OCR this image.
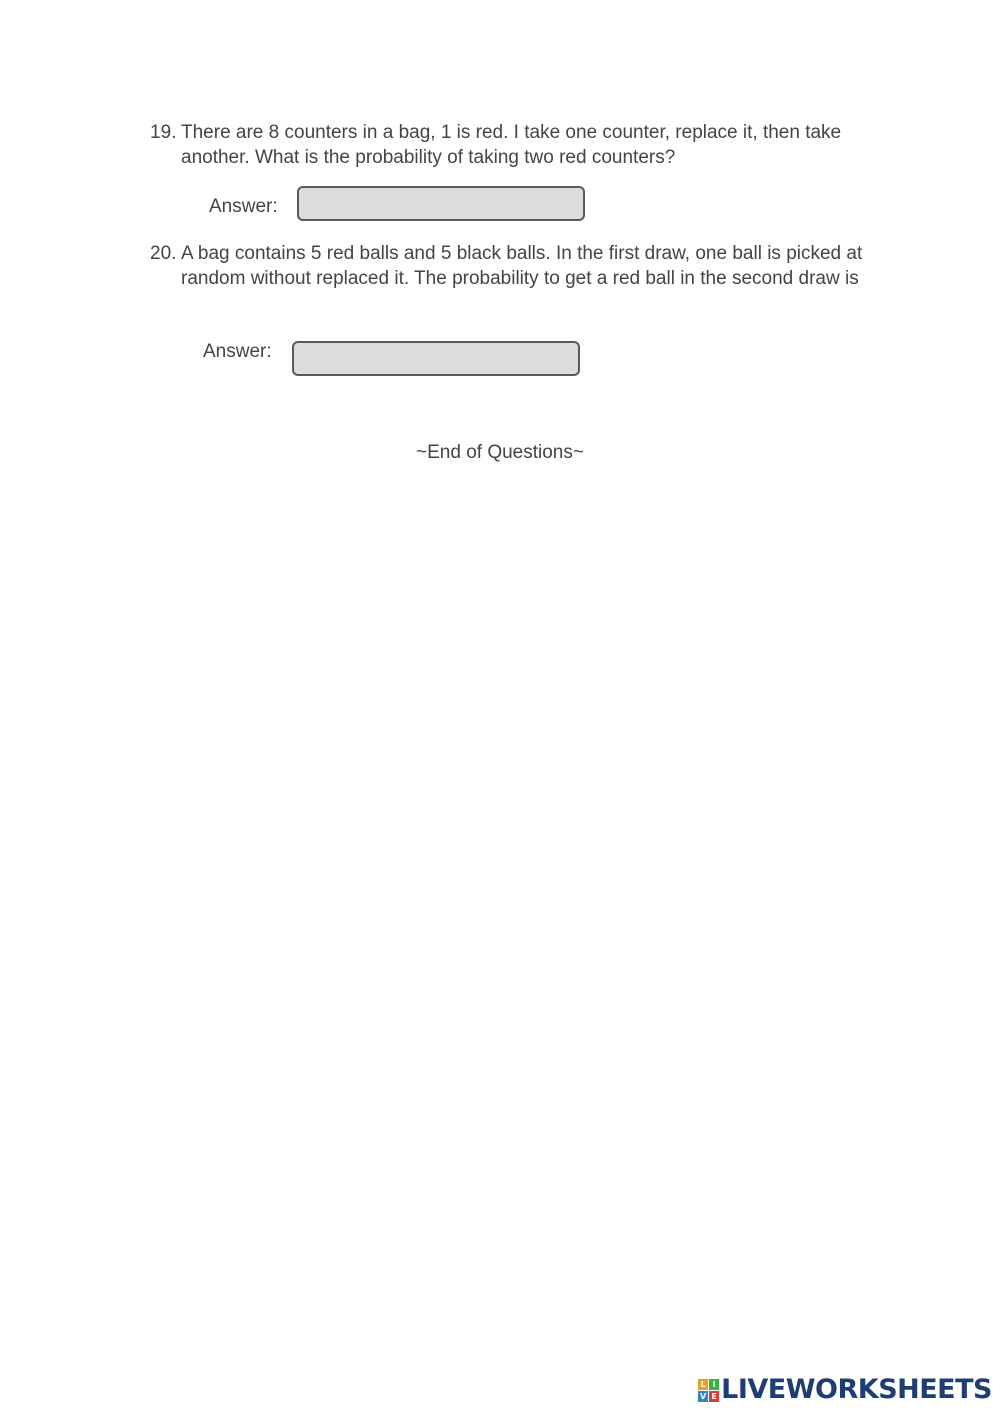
19. There are 8 counters in a bag, 1 is red. I take one counter, replace it, then take another. What is the probability of taking two red counters?
Answer:
20. A bag contains 5 red balls and 5 black balls. In the first draw, one ball is picked at random without replaced it. The probability to get a red ball in the second draw is
Answer:
~End of Questions~
L I
V E LIVEWORKSHEETS
